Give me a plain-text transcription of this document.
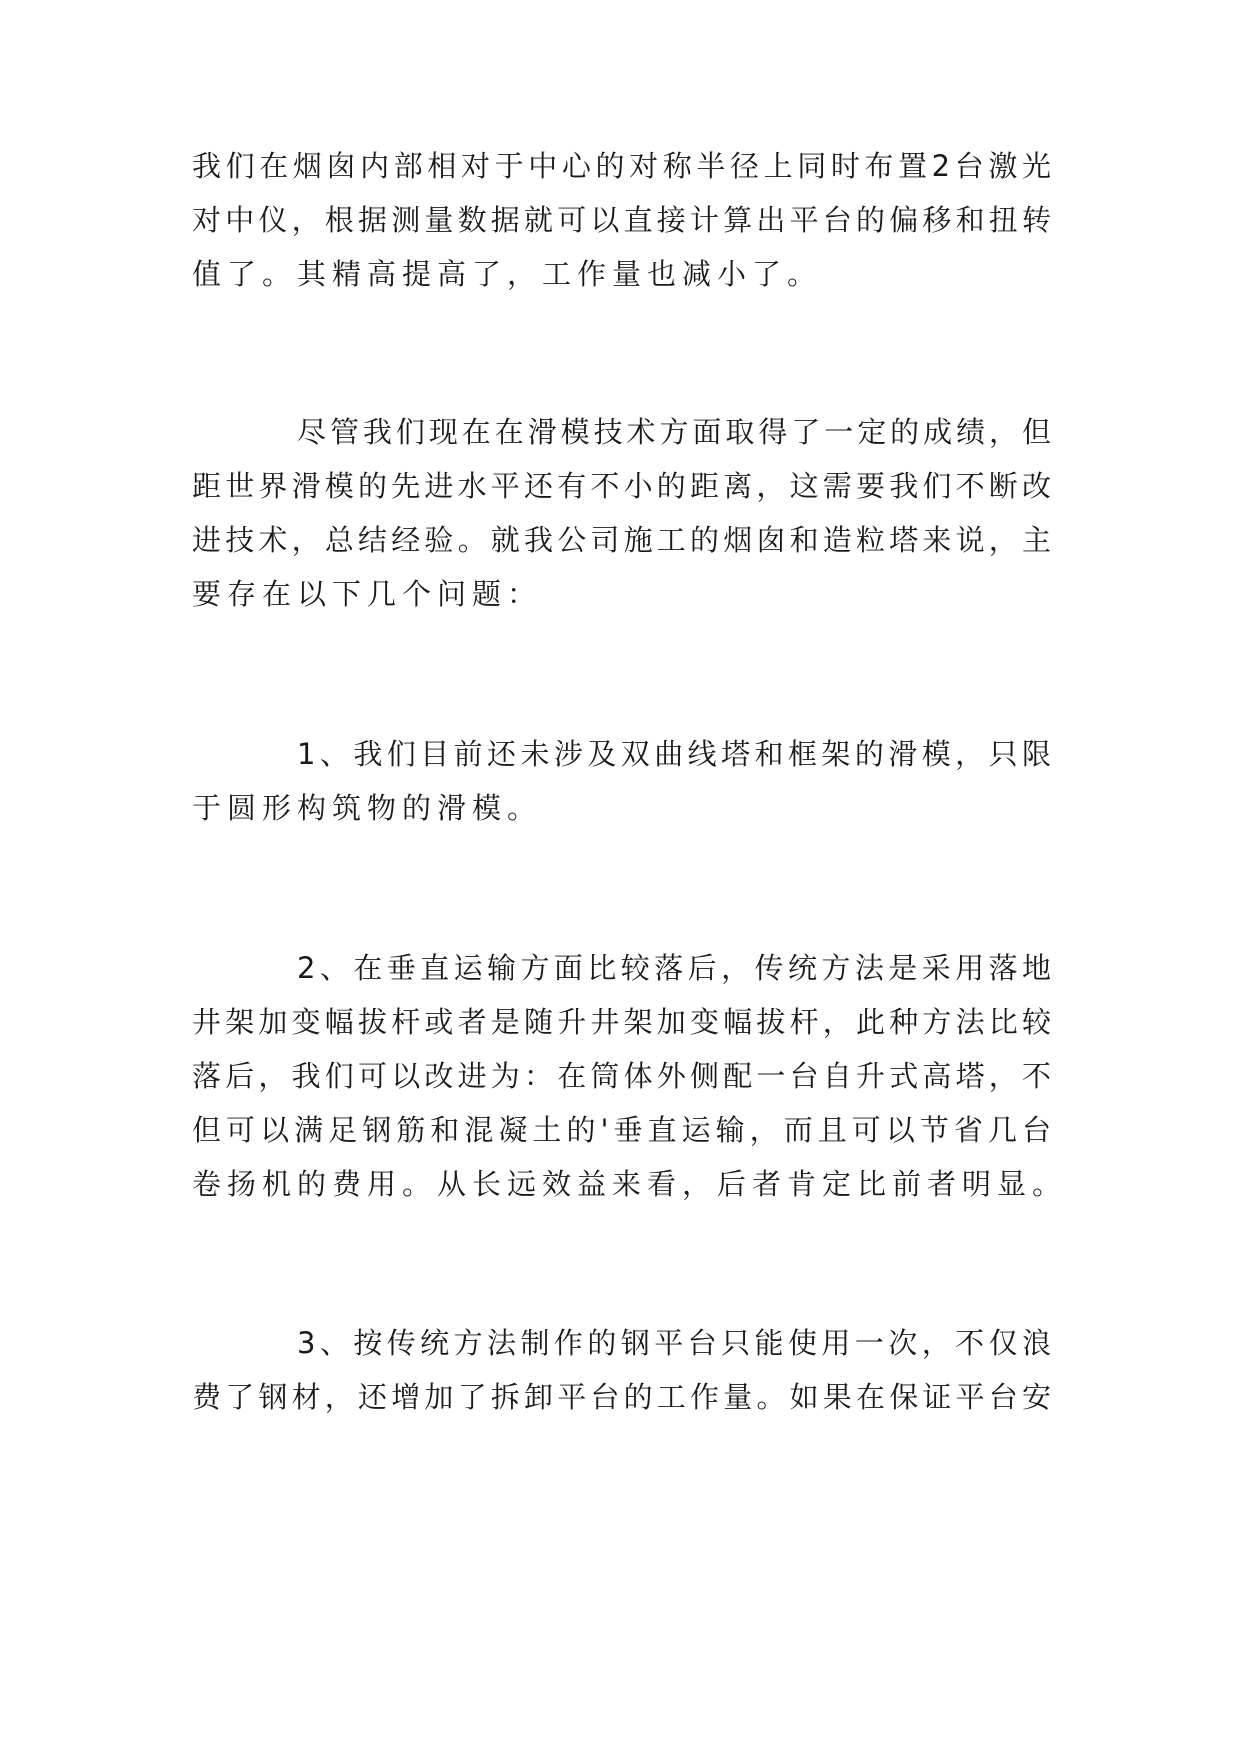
我们在烟囱内部相对于中心的对称半径上同时布置2台激光

对中仪，根据测量数据就可以直接计算出平台的偏移和扭转

值了。其精高提高了，工作量也减小了。

尽管我们现在在滑模技术方面取得了一定的成绩，但

距世界滑模的先进水平还有不小的距离，这需要我们不断改

进技术，总结经验。就我公司施工的烟囱和造粒塔来说，主

要存在以下几个问题：

1、我们目前还未涉及双曲线塔和框架的滑模，只限

于圆形构筑物的滑模。

2、在垂直运输方面比较落后，传统方法是采用落地

井架加变幅拔杆或者是随升井架加变幅拔杆，此种方法比较

落后，我们可以改进为：在筒体外侧配一台自升式高塔，不

但可以满足钢筋和混凝土的'垂直运输，而且可以节省几台

卷扬机的费用。从长远效益来看，后者肯定比前者明显。

3、按传统方法制作的钢平台只能使用一次，不仅浪

费了钢材，还增加了拆卸平台的工作量。如果在保证平台安
